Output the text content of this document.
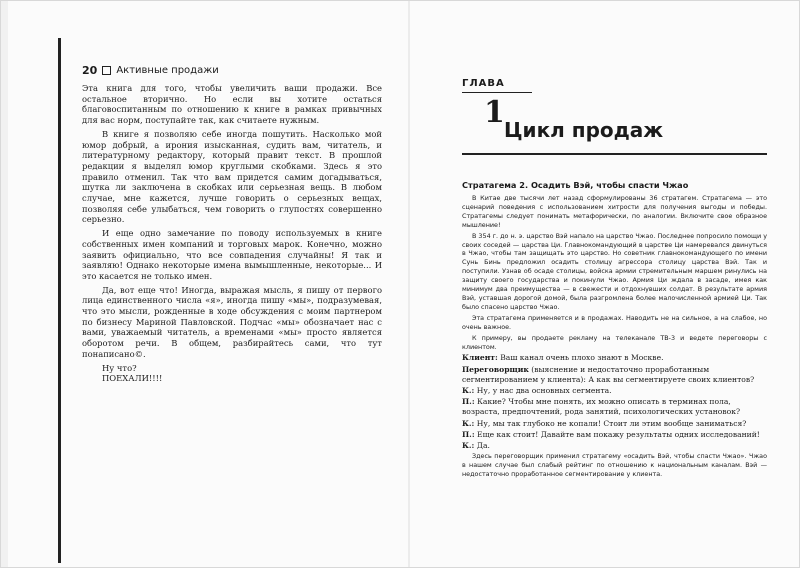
20 Активные продажи

Эта книга для того, чтобы увеличить ваши продажи. Все остальное вторично. Но если вы хотите остаться благовоспитанным по отношению к книге в рамках привычных для вас норм, поступайте так, как считаете нужным.

В книге я позволяю себе иногда пошутить. Насколько мой юмор добрый, а ирония изысканная, судить вам, читатель, и литературному редактору, который правит текст. В прошлой редакции я выделял юмор круглыми скобками. Здесь я это правило отменил. Так что вам придется самим догадываться, шутка ли заключена в скобках или серьезная вещь. В любом случае, мне кажется, лучше говорить о серьезных вещах, позволяя себе улыбаться, чем говорить о глупостях совершенно серьезно.

И еще одно замечание по поводу используемых в книге собственных имен компаний и торговых марок. Конечно, можно заявить официально, что все совпадения случайны! Я так и заявляю! Однако некоторые имена вымышленные, некоторые... И это касается не только имен.

Да, вот еще что! Иногда, выражая мысль, я пишу от первого лица единственного числа «я», иногда пишу «мы», подразумевая, что это мысли, рожденные в ходе обсуждения с моим партнером по бизнесу Мариной Павловской. Подчас «мы» обозначает нас с вами, уважаемый читатель, а временами «мы» просто является оборотом речи. В общем, разбирайтесь сами, что тут понаписано©.

Ну что?

ПОЕХАЛИ!!!!

ГЛАВА
1 Цикл продаж

Стратагема 2. Осадить Вэй, чтобы спасти Чжао

В Китае две тысячи лет назад сформулированы 36 стратагем. Стратагема — это сценарий поведения с использованием хитрости для получения выгоды и победы. Стратагемы следует понимать метафорически, по аналогии. Включите свое образное мышление!

В 354 г. до н. э. царство Вэй напало на царство Чжао. Последнее попросило помощи у своих соседей — царства Ци. Главнокомандующий в царстве Ци намеревался двинуться в Чжао, чтобы там защищать это царство. Но советник главнокомандующего по имени Сунь Бинь предложил осадить столицу агрессора столицу царства Вэй. Так и поступили. Узнав об осаде столицы, войска армии стремительным маршем ринулись на защиту своего государства и покинули Чжао. Армия Ци ждала в засаде, имея как минимум два преимущества — в свежести и отдохнувших солдат. В результате армия Вэй, уставшая дорогой домой, была разгромлена более малочисленной армией Ци. Так было спасено царство Чжао.

Эта стратагема применяется и в продажах. Наводить не на сильное, а на слабое, но очень важное.

К примеру, вы продаете рекламу на телеканале ТВ-3 и ведете переговоры с клиентом.

Клиент: Ваш канал очень плохо знают в Москве.

Переговорщик (выяснение и недостаточно проработанным сегментированием у клиента): А как вы сегментируете своих клиентов?

К.: Ну, у нас два основных сегмента.

П.: Какие? Чтобы мне понять, их можно описать в терминах пола, возраста, предпочтений, рода занятий, психологических установок?

К.: Ну, мы так глубоко не копали! Стоит ли этим вообще заниматься?

П.: Еще как стоит! Давайте вам покажу результаты одних исследований!

К.: Да.

Здесь переговорщик применил стратагему «осадить Вэй, чтобы спасти Чжао». Чжао в нашем случае был слабый рейтинг по отношению к национальным каналам. Вэй — недостаточно проработанное сегментирование у клиента.
